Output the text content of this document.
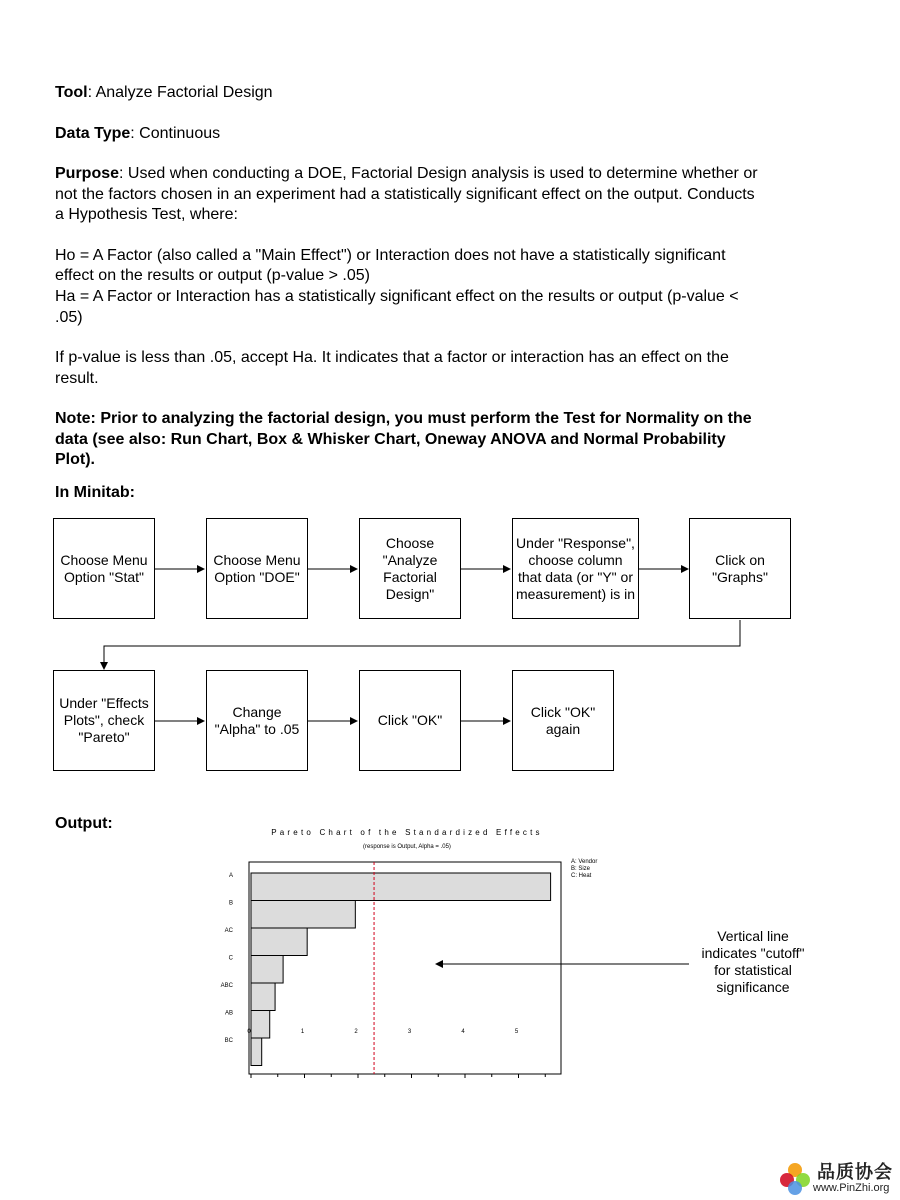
Tool: Analyze Factorial Design
Data Type: Continuous
Purpose: Used when conducting a DOE, Factorial Design analysis is used to determine whether or
not the factors chosen in an experiment had a statistically significant effect on the output. Conducts
a Hypothesis Test, where:
Ho = A Factor (also called a "Main Effect") or Interaction does not have a statistically significant
effect on the results or output (p-value > .05)
Ha = A Factor or Interaction has a statistically significant effect on the results or output (p-value <
.05)
If p-value is less than .05, accept Ha. It indicates that a factor or interaction has an effect on the
result.
Note: Prior to analyzing the factorial design, you must perform the Test for Normality on the
data (see also: Run Chart, Box & Whisker Chart, Oneway ANOVA and Normal Probability
Plot).
In Minitab:
Output:
Choose Menu Option "Stat"
Choose Menu Option "DOE"
Choose "Analyze Factorial Design"
Under "Response", choose column that data (or "Y" or measurement) is in
Click on "Graphs"
Under "Effects Plots", check "Pareto"
Change "Alpha" to .05
Click "OK"
Click "OK" again
Pareto Chart of the Standardized Effects
(response is Output, Alpha = .05)
A: Vendor
B: Size
C: Heat
A
B
AC
C
ABC
AB
BC
0	1	2	3	4	5
Vertical line
indicates "cutoff"
for statistical
significance
品质协会
www.PinZhi.org
